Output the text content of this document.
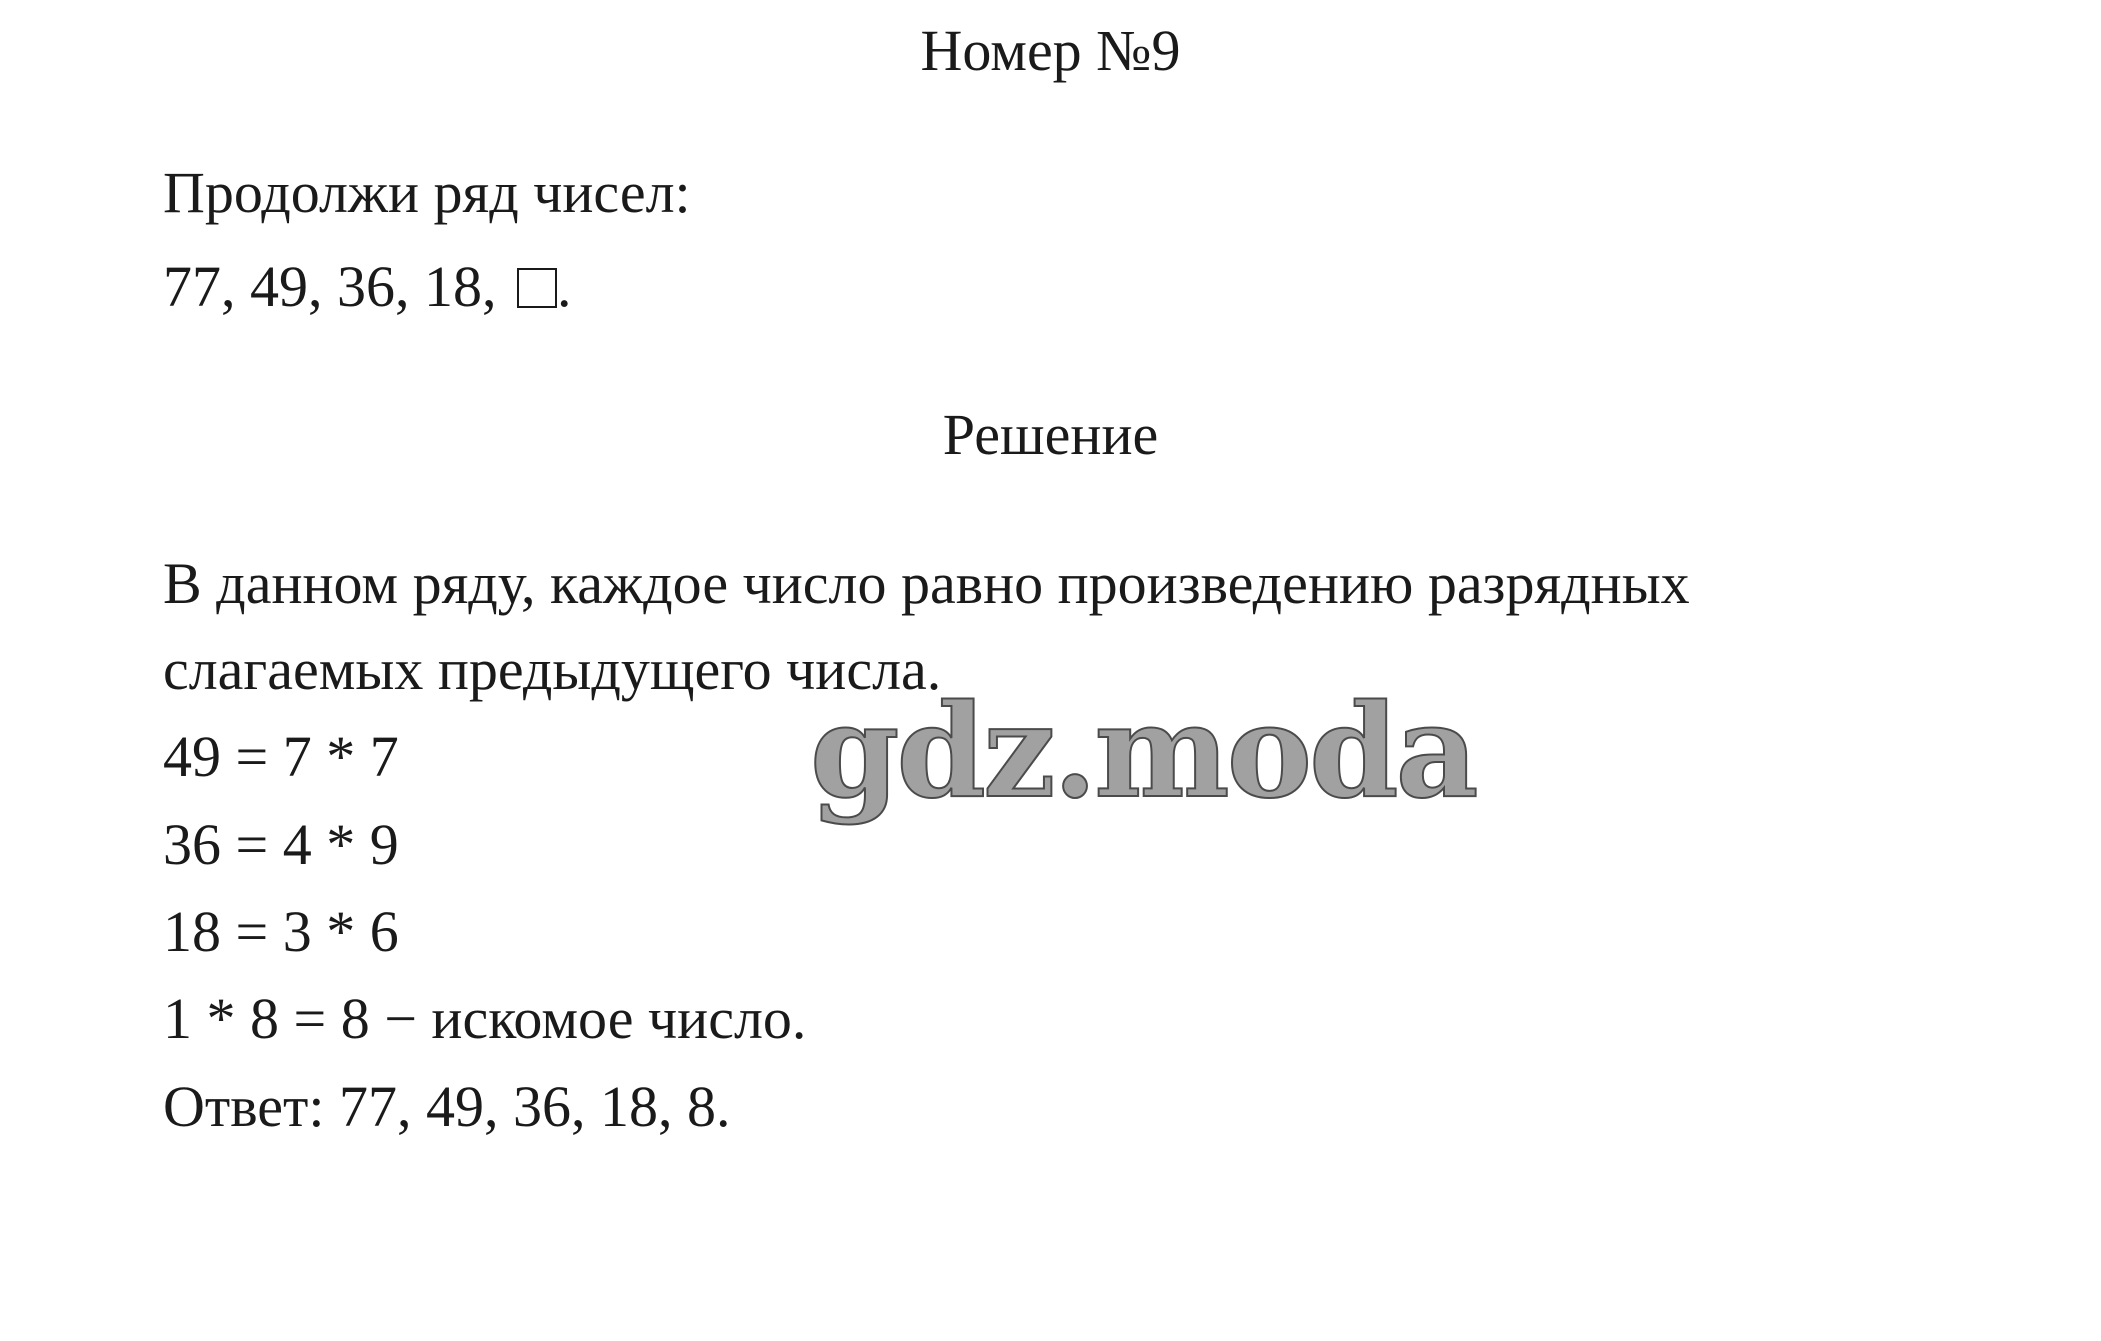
Номер №9
Продолжи ряд чисел:
77, 49, 36, 18, .
Решение
В данном ряду, каждое число равно произведению разрядных
слагаемых предыдущего числа.
49 = 7 * 7
36 = 4 * 9
18 = 3 * 6
1 * 8 = 8 − искомое число.
Ответ: 77, 49, 36, 18, 8.
gdz.moda
